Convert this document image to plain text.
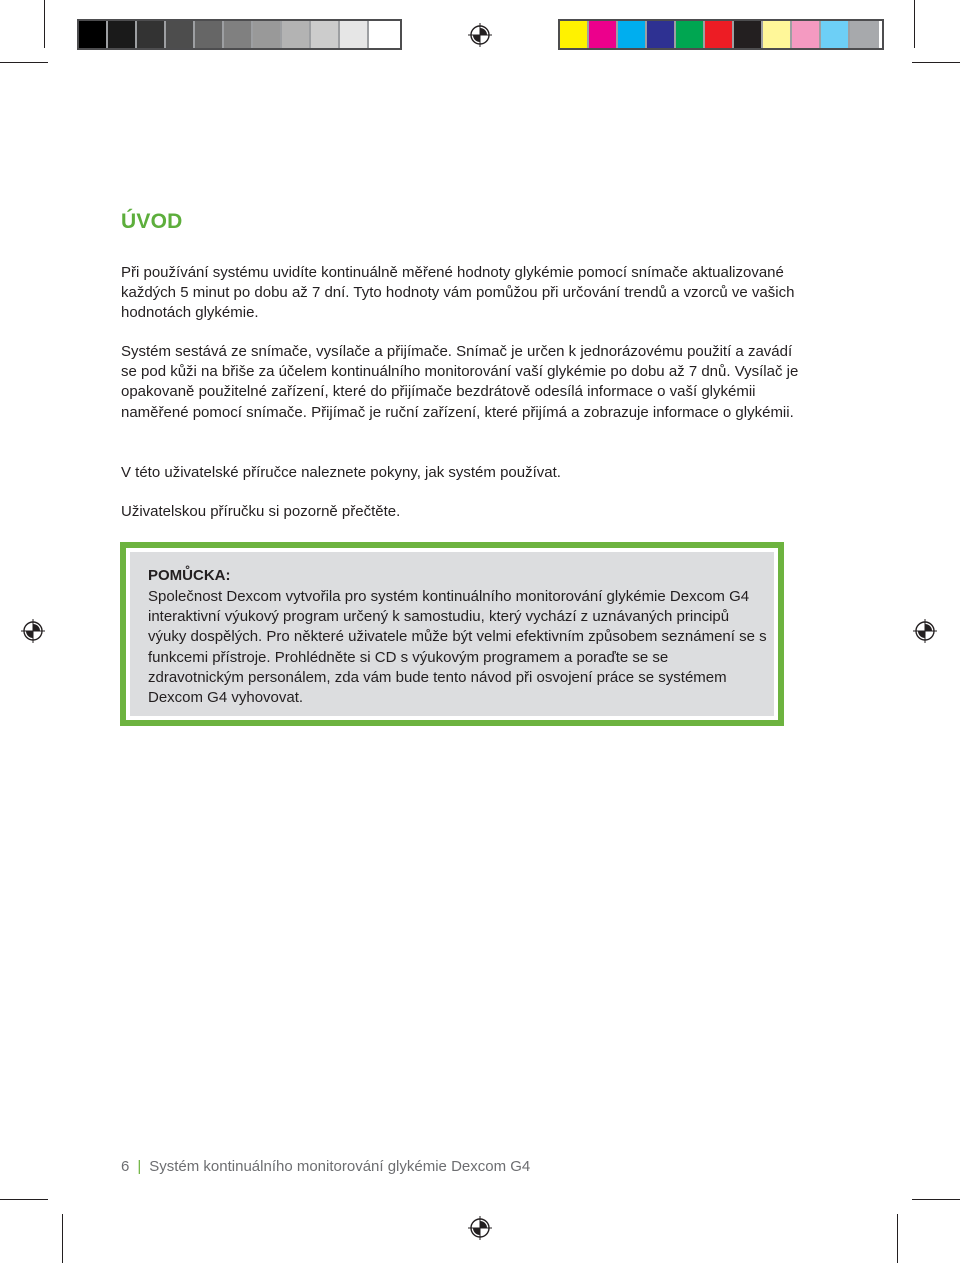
ÚVOD
Při používání systému uvidíte kontinuálně měřené hodnoty glykémie pomocí snímače aktualizované každých 5 minut po dobu až 7 dní. Tyto hodnoty vám pomůžou při určování trendů a vzorců ve vašich hodnotách glykémie.
Systém sestává ze snímače, vysílače a přijímače. Snímač je určen k jednorázovému použití a zavádí se pod kůži na břiše za účelem kontinuálního monitorování vaší glykémie po dobu až 7 dnů. Vysílač je opakovaně použitelné zařízení, které do přijímače bezdrátově odesílá informace o vaší glykémii naměřené pomocí snímače. Přijímač je ruční zařízení, které přijímá a zobrazuje informace o glykémii.
V této uživatelské příručce naleznete pokyny, jak systém používat.
Uživatelskou příručku si pozorně přečtěte.
POMŮCKA:
Společnost Dexcom vytvořila pro systém kontinuálního monitorování glykémie Dexcom G4 interaktivní výukový program určený k samostudiu, který vychází z uznávaných principů výuky dospělých. Pro některé uživatele může být velmi efektivním způsobem seznámení se s funkcemi přístroje. Prohlédněte si CD s výukovým programem a poraďte se se zdravotnickým personálem, zda vám bude tento návod při osvojení práce se systémem Dexcom G4 vyhovovat.
6 | Systém kontinuálního monitorování glykémie Dexcom G4
